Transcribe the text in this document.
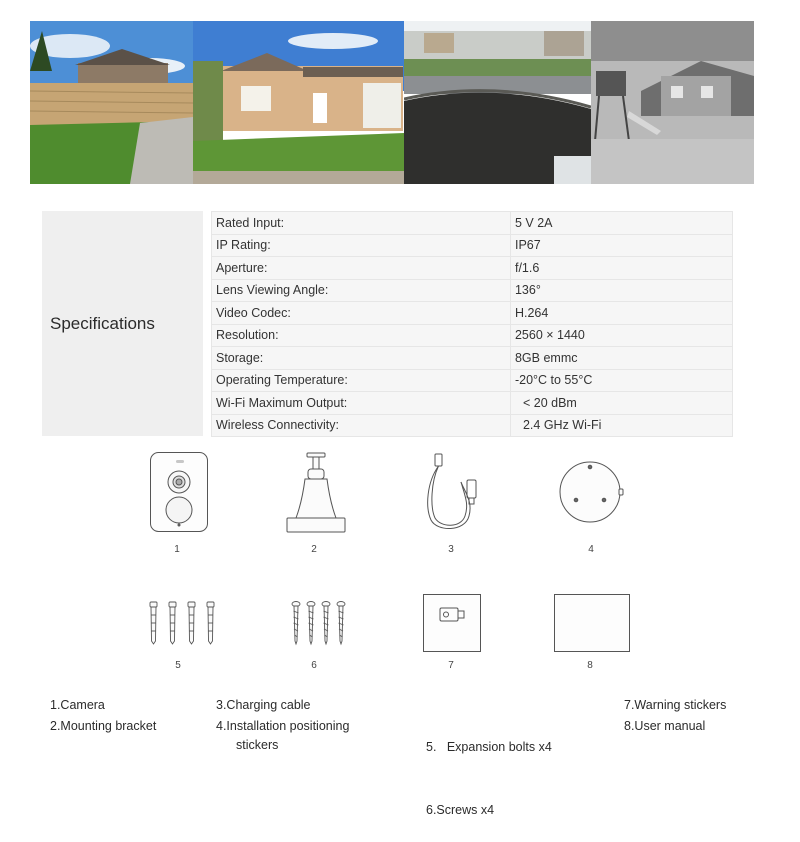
Specifications
Rated Input:	5 V 2A
IP Rating:	IP67
Aperture:	f/1.6
Lens Viewing Angle:	136°
Video Codec:	H.264
Resolution:	2560 × 1440
Storage:	8GB emmc
Operating Temperature:	-20°C to 55°C
Wi-Fi Maximum Output:	< 20 dBm
Wireless Connectivity:	2.4 GHz Wi-Fi
1	2	3	4
5	6	7	8
1.Camera
2.Mounting bracket
3.Charging cable
4.Installation positioning
stickers

	5.   Expansion bolts x4

6.Screws x4

7.Warning stickers
8.User manual
